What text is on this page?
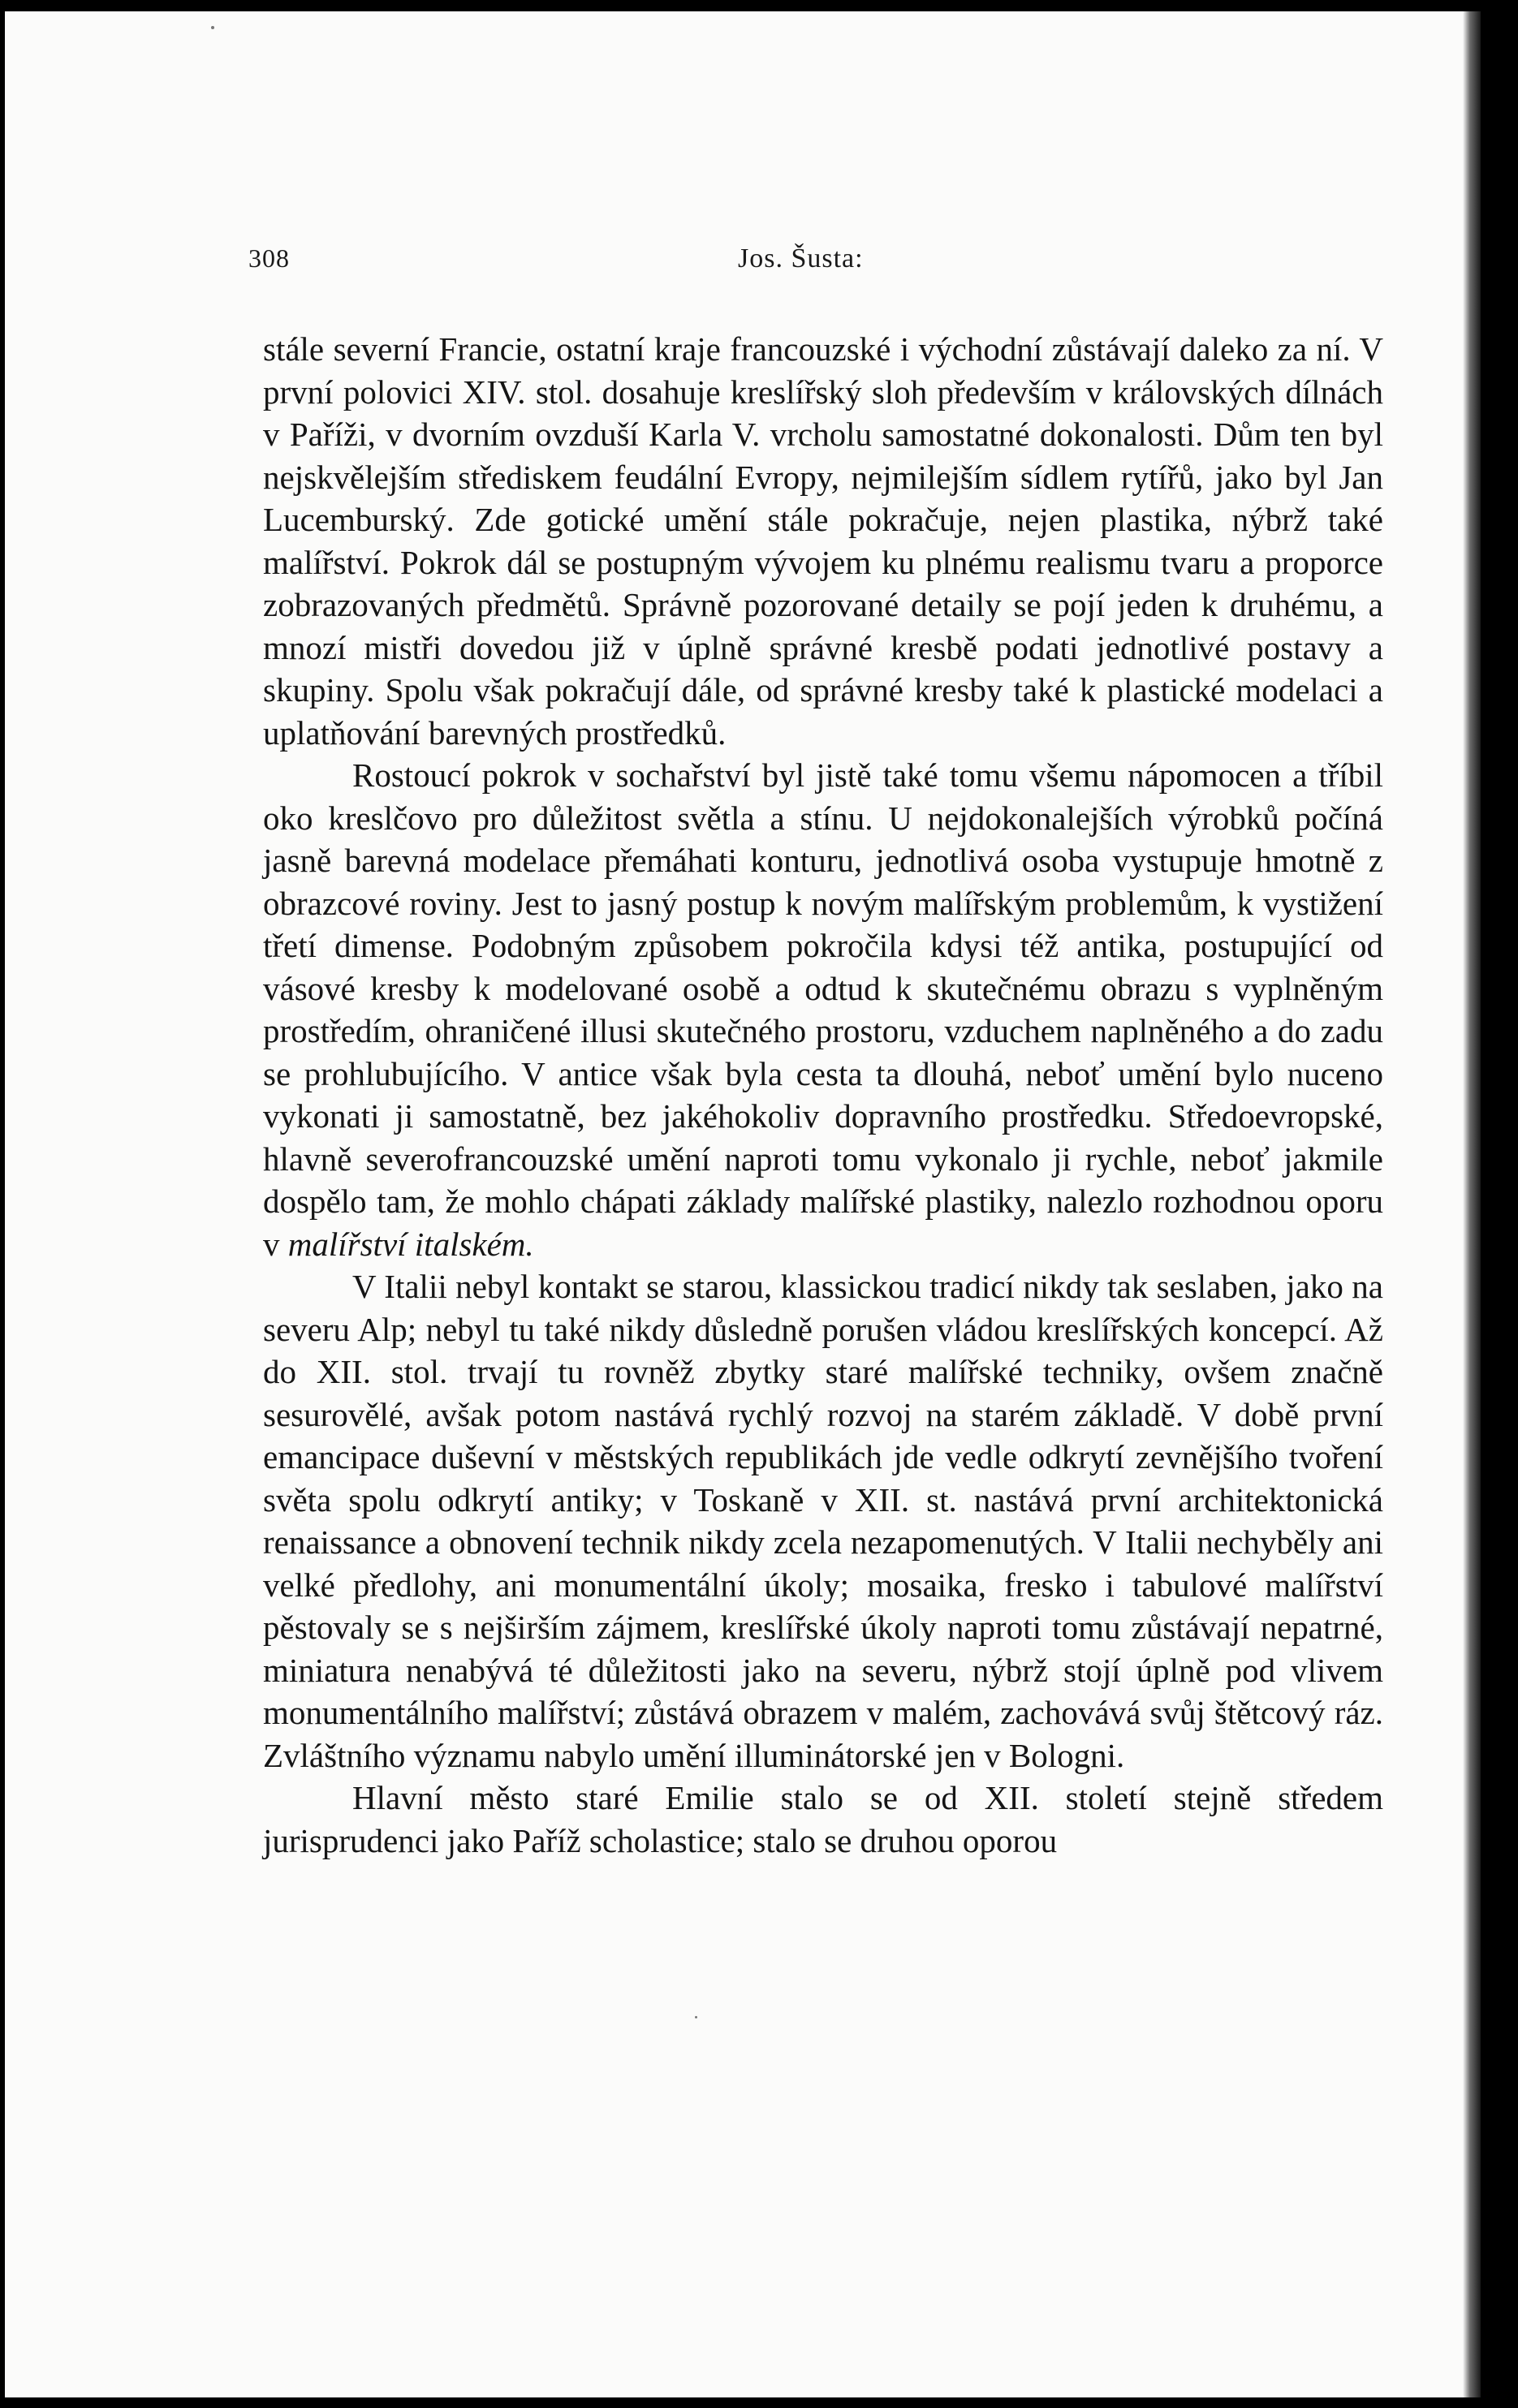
308	Jos. Šusta:

stále severní Francie, ostatní kraje francouzské i východní zůstávají daleko za ní. V první polovici XIV. stol. dosahuje kreslířský sloh především v královských dílnách v Paříži, v dvorním ovzduší Karla V. vrcholu samostatné dokonalosti. Dům ten byl nejskvělejším střediskem feudální Evropy, nejmilejším sídlem rytířů, jako byl Jan Lucemburský. Zde gotické umění stále pokračuje, nejen plastika, nýbrž také malířství. Pokrok dál se postupným vývojem ku plnému realismu tvaru a proporce zobrazovaných předmětů. Správně pozorované detaily se pojí jeden k druhému, a mnozí mistři dovedou již v úplně správné kresbě podati jednotlivé postavy a skupiny. Spolu však pokračují dále, od správné kresby také k plastické modelaci a uplatňování barevných prostředků.

Rostoucí pokrok v sochařství byl jistě také tomu všemu nápomocen a tříbil oko kreslčovo pro důležitost světla a stínu. U nejdokonalejších výrobků počíná jasně barevná modelace přemáhati konturu, jednotlivá osoba vystupuje hmotně z obrazcové roviny. Jest to jasný postup k novým malířským problemům, k vystižení třetí dimense. Podobným způsobem pokročila kdysi též antika, postupující od vásové kresby k modelované osobě a odtud k skutečnému obrazu s vyplněným prostředím, ohraničené illusi skutečného prostoru, vzduchem naplněného a do zadu se prohlubujícího. V antice však byla cesta ta dlouhá, neboť umění bylo nuceno vykonati ji samostatně, bez jakéhokoliv dopravního prostředku. Středoevropské, hlavně severofrancouzské umění naproti tomu vykonalo ji rychle, neboť jakmile dospělo tam, že mohlo chápati základy malířské plastiky, nalezlo rozhodnou oporu v malířství italském.

V Italii nebyl kontakt se starou, klassickou tradicí nikdy tak seslaben, jako na severu Alp; nebyl tu také nikdy důsledně porušen vládou kreslířských koncepcí. Až do XII. stol. trvají tu rovněž zbytky staré malířské techniky, ovšem značně sesurovělé, avšak potom nastává rychlý rozvoj na starém základě. V době první emancipace duševní v městských republikách jde vedle odkrytí zevnějšího tvoření světa spolu odkrytí antiky; v Toskaně v XII. st. nastává první architektonická renaissance a obnovení technik nikdy zcela nezapomenutých. V Italii nechyběly ani velké předlohy, ani monumentální úkoly; mosaika, fresko i tabulové malířství pěstovaly se s nejširším zájmem, kreslířské úkoly naproti tomu zůstávají nepatrné, miniatura nenabývá té důležitosti jako na severu, nýbrž stojí úplně pod vlivem monumentálního malířství; zůstává obrazem v malém, zachovává svůj štětcový ráz. Zvláštního významu nabylo umění illuminátorské jen v Bologni.

Hlavní město staré Emilie stalo se od XII. století stejně středem jurisprudenci jako Paříž scholastice; stalo se druhou oporou
